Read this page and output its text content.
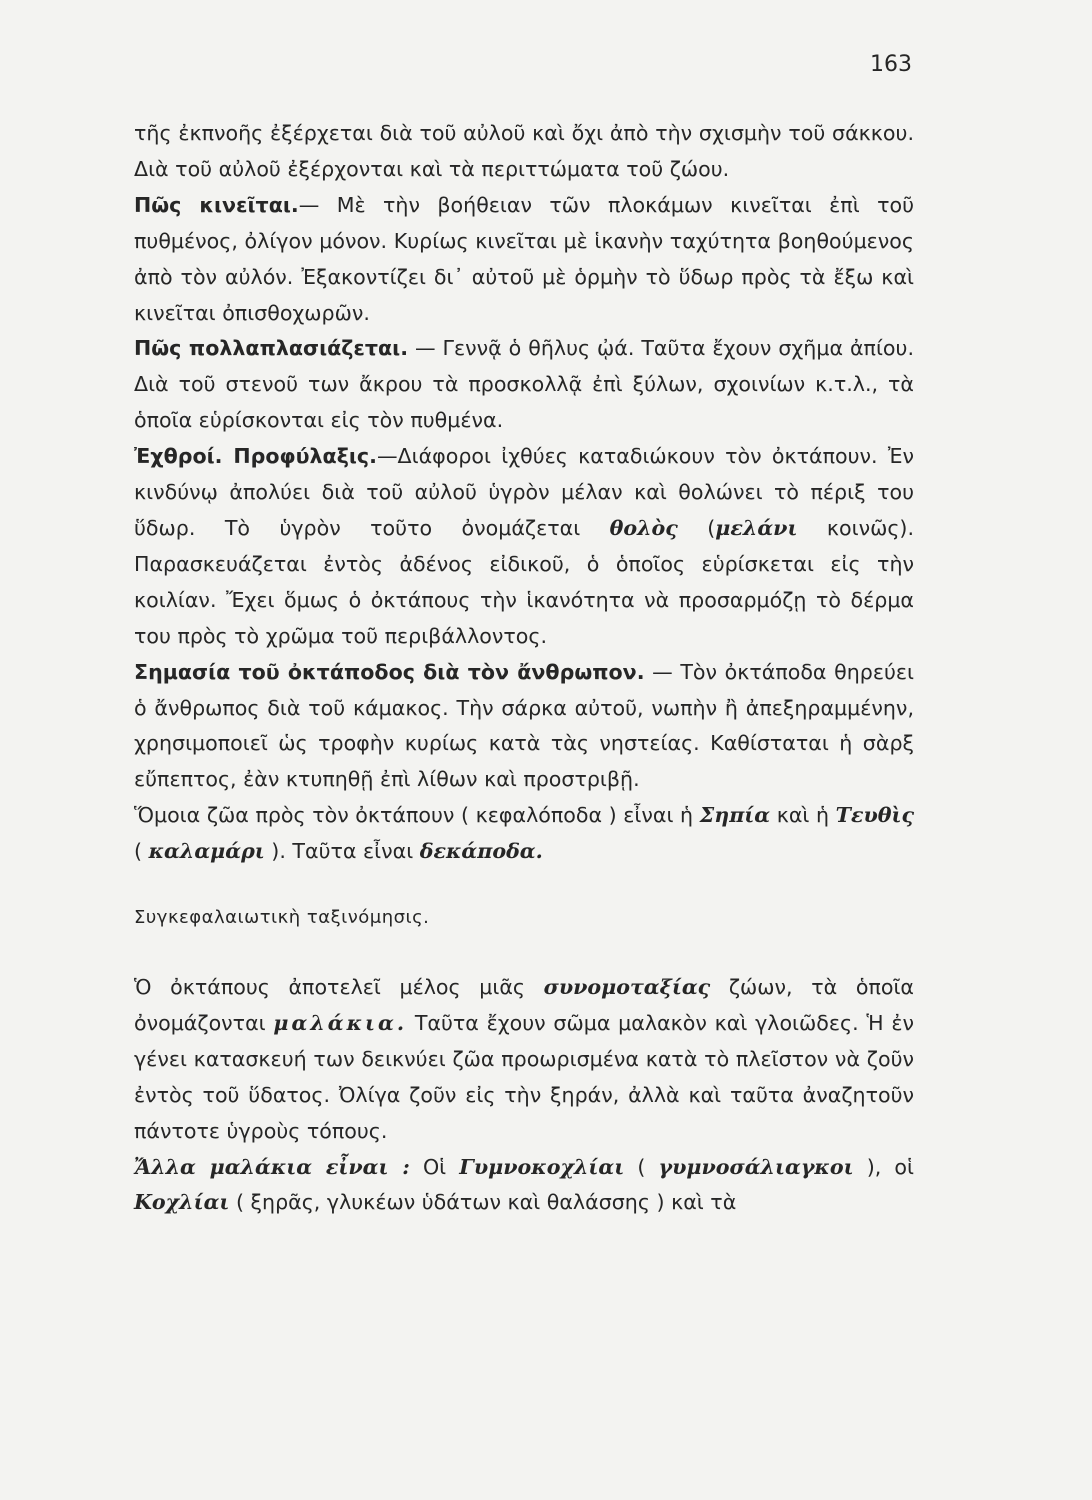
163

τῆς ἐκπνοῆς ἐξέρχεται διὰ τοῦ αὐλοῦ καὶ ὄχι ἀπὸ τὴν σχισμὴν τοῦ σάκκου. Διὰ τοῦ αὐλοῦ ἐξέρχονται καὶ τὰ περιττώματα τοῦ ζώου.

Πῶς κινεῖται.— Μὲ τὴν βοήθειαν τῶν πλοκάμων κινεῖται ἐπὶ τοῦ πυθμένος, ὀλίγον μόνον. Κυρίως κινεῖται μὲ ἱκανὴν ταχύτητα βοηθούμενος ἀπὸ τὸν αὐλόν. Ἐξακοντίζει δι᾽ αὐτοῦ μὲ ὁρμὴν τὸ ὕδωρ πρὸς τὰ ἔξω καὶ κινεῖται ὀπισθοχωρῶν.

Πῶς πολλαπλασιάζεται. — Γεννᾷ ὁ θῆλυς ᾠά. Ταῦτα ἔχουν σχῆμα ἀπίου. Διὰ τοῦ στενοῦ των ἄκρου τὰ προσκολλᾷ ἐπὶ ξύλων, σχοινίων κ.τ.λ., τὰ ὁποῖα εὑρίσκονται εἰς τὸν πυθμένα.

Ἐχθροί. Προφύλαξις.—Διάφοροι ἰχθύες καταδιώκουν τὸν ὀκτάπουν. Ἐν κινδύνῳ ἀπολύει διὰ τοῦ αὐλοῦ ὑγρὸν μέλαν καὶ θολώνει τὸ πέριξ του ὕδωρ. Τὸ ὑγρὸν τοῦτο ὀνομάζεται θολὸς (μελάνι κοινῶς). Παρασκευάζεται ἐντὸς ἀδένος εἰδικοῦ, ὁ ὁποῖος εὑρίσκεται εἰς τὴν κοιλίαν. Ἔχει ὅμως ὁ ὀκτάπους τὴν ἱκανότητα νὰ προσαρμόζῃ τὸ δέρμα του πρὸς τὸ χρῶμα τοῦ περιβάλλοντος.

Σημασία τοῦ ὀκτάποδος διὰ τὸν ἄνθρωπον. — Τὸν ὀκτάποδα θηρεύει ὁ ἄνθρωπος διὰ τοῦ κάμακος. Τὴν σάρκα αὐτοῦ, νωπὴν ἢ ἀπεξηραμμένην, χρησιμοποιεῖ ὡς τροφὴν κυρίως κατὰ τὰς νηστείας. Καθίσταται ἡ σὰρξ εὔπεπτος, ἐὰν κτυπηθῇ ἐπὶ λίθων καὶ προστριβῇ.

Ὅμοια ζῶα πρὸς τὸν ὀκτάπουν ( κεφαλόποδα ) εἶναι ἡ Σηπία καὶ ἡ Τευθὶς ( καλαμάρι ). Ταῦτα εἶναι δεκάποδα.

Συγκεφαλαιωτικὴ ταξινόμησις.

Ὁ ὀκτάπους ἀποτελεῖ μέλος μιᾶς συνομοταξίας ζώων, τὰ ὁποῖα ὀνομάζονται μαλάκια. Ταῦτα ἔχουν σῶμα μαλακὸν καὶ γλοιῶδες. Ἡ ἐν γένει κατασκευή των δεικνύει ζῶα προωρισμένα κατὰ τὸ πλεῖστον νὰ ζοῦν ἐντὸς τοῦ ὕδατος. Ὀλίγα ζοῦν εἰς τὴν ξηράν, ἀλλὰ καὶ ταῦτα ἀναζητοῦν πάντοτε ὑγροὺς τόπους.

Ἄλλα μαλάκια εἶναι : Οἱ Γυμνοκοχλίαι ( γυμνοσάλιαγκοι ), οἱ Κοχλίαι ( ξηρᾶς, γλυκέων ὑδάτων καὶ θαλάσσης ) καὶ τὰ
